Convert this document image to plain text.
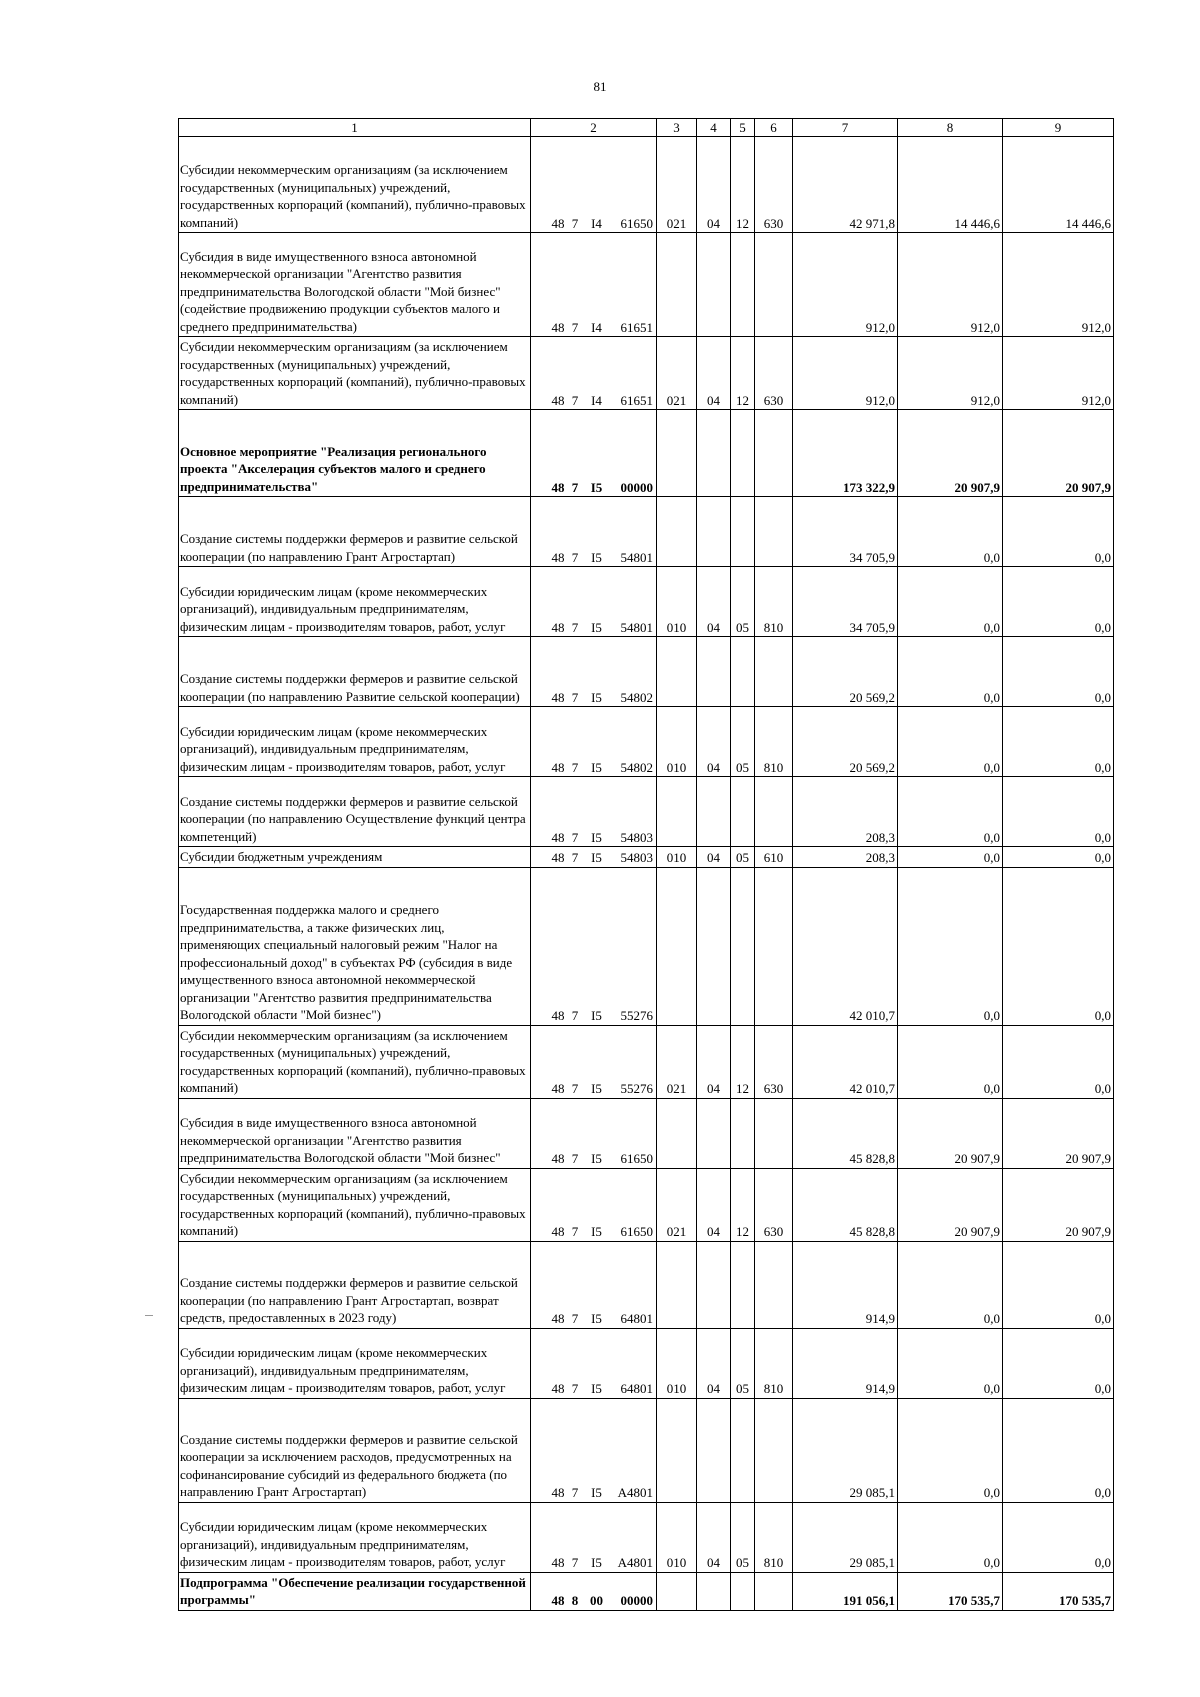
81
1	2				3	4	5	6	7	8	9
Субсидии некоммерческим организациям (за исключением государственных (муниципальных) учреждений, государственных корпораций (компаний), публично-правовых компаний)	48	7	I4	61650	021	04	12	630	42 971,8	14 446,6	14 446,6
Субсидия в виде имущественного взноса автономной некоммерческой организации "Агентство развития предпринимательства Вологодской области "Мой бизнес" (содействие продвижению продукции субъектов малого и среднего предпринимательства)	48	7	I4	61651					912,0	912,0	912,0
Субсидии некоммерческим организациям (за исключением государственных (муниципальных) учреждений, государственных корпораций (компаний), публично-правовых компаний)	48	7	I4	61651	021	04	12	630	912,0	912,0	912,0
Основное мероприятие "Реализация регионального проекта "Акселерация субъектов малого и среднего предпринимательства"	48	7	I5	00000					173 322,9	20 907,9	20 907,9
Создание системы поддержки фермеров и развитие сельской кооперации (по направлению Грант Агростартап)	48	7	I5	54801					34 705,9	0,0	0,0
Субсидии юридическим лицам (кроме некоммерческих организаций), индивидуальным предпринимателям, физическим лицам - производителям товаров, работ, услуг	48	7	I5	54801	010	04	05	810	34 705,9	0,0	0,0
Создание системы поддержки фермеров и развитие сельской кооперации (по направлению Развитие сельской кооперации)	48	7	I5	54802					20 569,2	0,0	0,0
Субсидии юридическим лицам (кроме некоммерческих организаций), индивидуальным предпринимателям, физическим лицам - производителям товаров, работ, услуг	48	7	I5	54802	010	04	05	810	20 569,2	0,0	0,0
Создание системы поддержки фермеров и развитие сельской кооперации (по направлению Осуществление функций центра компетенций)	48	7	I5	54803					208,3	0,0	0,0
Субсидии бюджетным учреждениям	48	7	I5	54803	010	04	05	610	208,3	0,0	0,0
Государственная поддержка малого и среднего предпринимательства, а также физических лиц, применяющих специальный налоговый режим "Налог на профессиональный доход" в субъектах РФ (субсидия в виде имущественного взноса автономной некоммерческой организации "Агентство развития предпринимательства Вологодской области "Мой бизнес")	48	7	I5	55276					42 010,7	0,0	0,0
Субсидии некоммерческим организациям (за исключением государственных (муниципальных) учреждений, государственных корпораций (компаний), публично-правовых компаний)	48	7	I5	55276	021	04	12	630	42 010,7	0,0	0,0
Субсидия в виде имущественного взноса автономной некоммерческой организации "Агентство развития предпринимательства Вологодской области "Мой бизнес"	48	7	I5	61650					45 828,8	20 907,9	20 907,9
Субсидии некоммерческим организациям (за исключением государственных (муниципальных) учреждений, государственных корпораций (компаний), публично-правовых компаний)	48	7	I5	61650	021	04	12	630	45 828,8	20 907,9	20 907,9
Создание системы поддержки фермеров и развитие сельской кооперации (по направлению Грант Агростартап, возврат средств, предоставленных в 2023 году)	48	7	I5	64801					914,9	0,0	0,0
Субсидии юридическим лицам (кроме некоммерческих организаций), индивидуальным предпринимателям, физическим лицам - производителям товаров, работ, услуг	48	7	I5	64801	010	04	05	810	914,9	0,0	0,0
Создание системы поддержки фермеров и развитие сельской кооперации за исключением расходов, предусмотренных на софинансирование субсидий из федерального бюджета (по направлению Грант Агростартап)	48	7	I5	A4801					29 085,1	0,0	0,0
Субсидии юридическим лицам (кроме некоммерческих организаций), индивидуальным предпринимателям, физическим лицам - производителям товаров, работ, услуг	48	7	I5	A4801	010	04	05	810	29 085,1	0,0	0,0
Подпрограмма "Обеспечение реализации государственной программы"	48	8	00	00000					191 056,1	170 535,7	170 535,7
